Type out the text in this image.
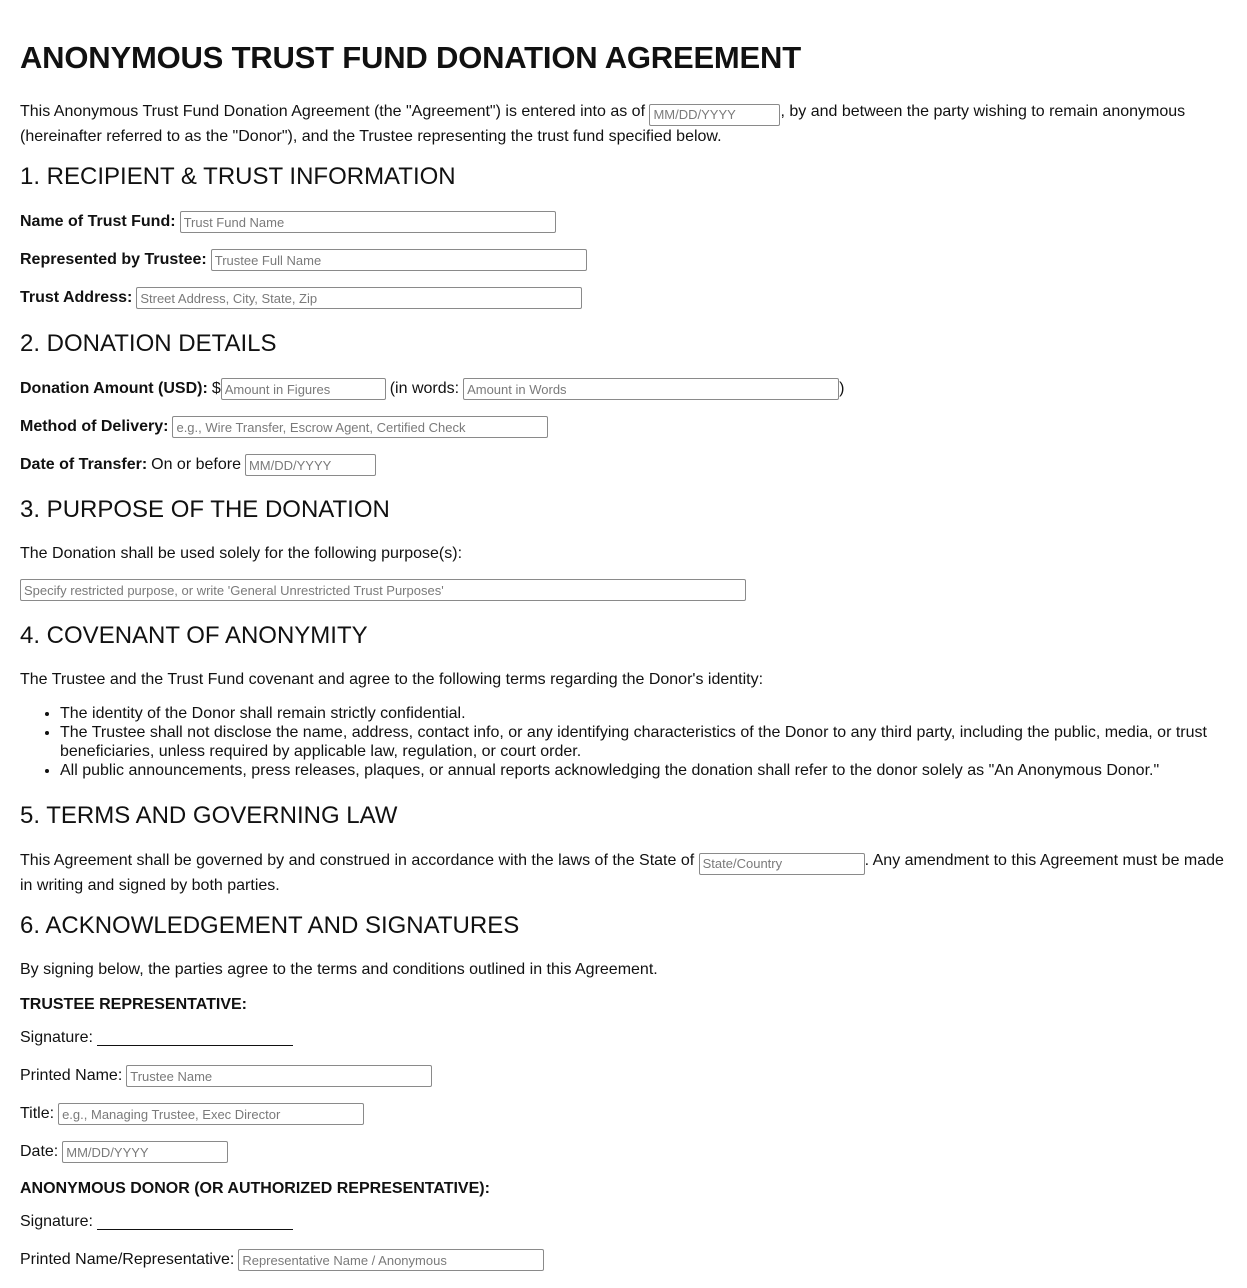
ANONYMOUS TRUST FUND DONATION AGREEMENT

This Anonymous Trust Fund Donation Agreement (the "Agreement") is entered into as of MM/DD/YYYY	, by and between the party wishing to remain anonymous (hereinafter referred to as the "Donor"), and the Trustee representing the trust fund specified below.

1. RECIPIENT & TRUST INFORMATION
Name of Trust Fund:
Trust Fund Name
Represented by Trustee:
Trustee Full Name
Trust Address:
Street Address, City, State, Zip
2. DONATION DETAILS
Donation Amount (USD): $
Amount in Figures	(in words:
Amount in Words	)
Method of Delivery:
e.g., Wire Transfer, Escrow Agent, Certified Check
Date of Transfer: On or before
MM/DD/YYYY
3. PURPOSE OF THE DONATION

The Donation shall be used solely for the following purpose(s):

Specify restricted purpose, or write 'General Unrestricted Trust Purposes'
4. COVENANT OF ANONYMITY

The Trustee and the Trust Fund covenant and agree to the following terms regarding the Donor's identity:

• The identity of the Donor shall remain strictly confidential.
• The Trustee shall not disclose the name, address, contact info, or any identifying characteristics of the Donor to any third party, including the public, media, or trust beneficiaries, unless required by applicable law, regulation, or court order.
• All public announcements, press releases, plaques, or annual reports acknowledging the donation shall refer to the donor solely as "An Anonymous Donor."
5. TERMS AND GOVERNING LAW

This Agreement shall be governed by and construed in accordance with the laws of the State of State/Country	. Any amendment to this Agreement must be made in writing and signed by both parties.

6. ACKNOWLEDGEMENT AND SIGNATURES

By signing below, the parties agree to the terms and conditions outlined in this Agreement.

TRUSTEE REPRESENTATIVE:

Signature:
Printed Name:
Trustee Name
Title:
e.g., Managing Trustee, Exec Director
Date:
MM/DD/YYYY

ANONYMOUS DONOR (OR AUTHORIZED REPRESENTATIVE):

Signature:
Printed Name/Representative:
Representative Name / Anonymous
